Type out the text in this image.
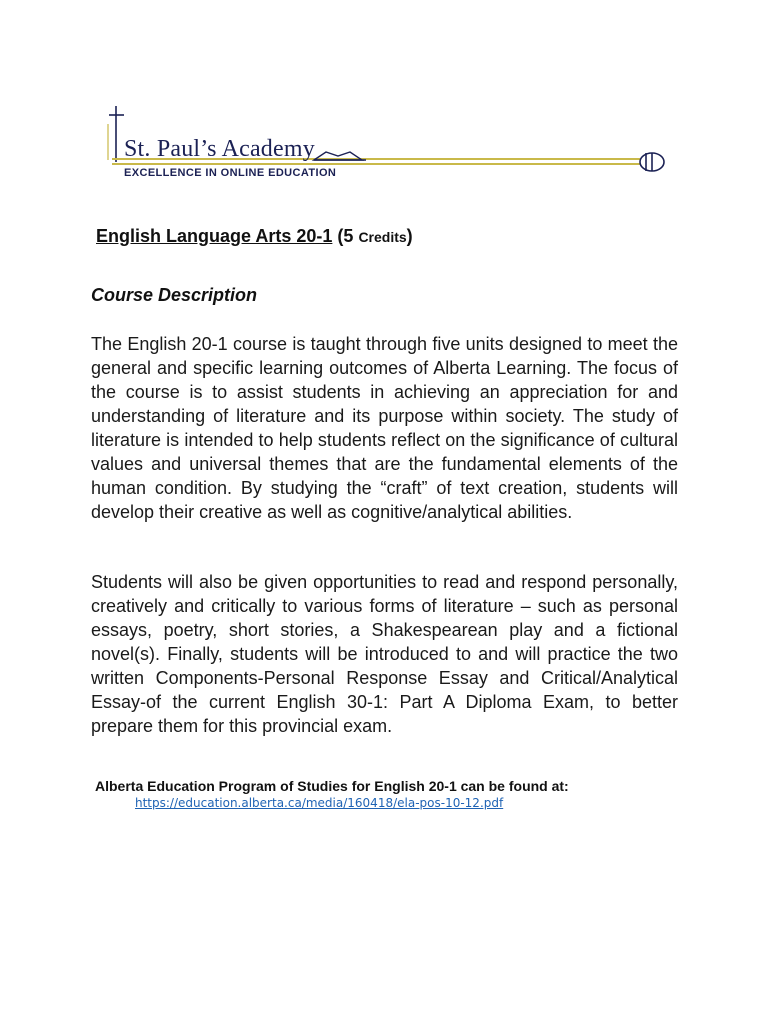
St. Paul’s Academy
EXCELLENCE IN ONLINE EDUCATION
English Language Arts 20-1 (5 Credits)
Course Description

The English 20-1 course is taught through five units designed to meet the general and specific learning outcomes of Alberta Learning. The focus of the course is to assist students in achieving an appreciation for and understanding of literature and its purpose within society. The study of literature is intended to help students reflect on the significance of cultural values and universal themes that are the fundamental elements of the human condition. By studying the “craft” of text creation, students will develop their creative as well as cognitive/analytical abilities.

Students will also be given opportunities to read and respond personally, creatively and critically to various forms of literature – such as personal essays, poetry, short stories, a Shakespearean play and a fictional novel(s). Finally, students will be introduced to and will practice the two written Components-Personal Response Essay and Critical/Analytical Essay-of the current English 30-1: Part A Diploma Exam, to better prepare them for this provincial exam.

Alberta Education Program of Studies for English 20-1 can be found at:
https://education.alberta.ca/media/160418/ela-pos-10-12.pdf
